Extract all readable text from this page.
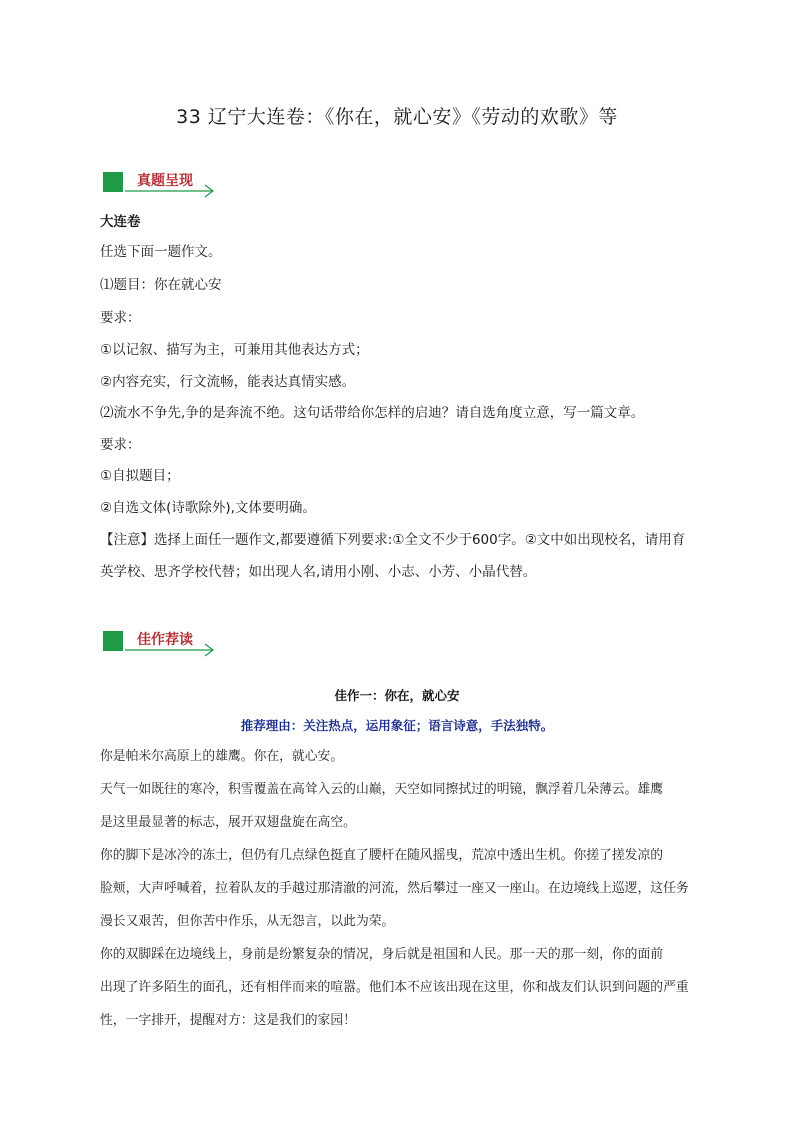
33 辽宁大连卷：《你在，就心安》《劳动的欢歌》等
真题呈现
大连卷
任选下面一题作文。
⑴题目：你在就心安
要求：
①以记叙、描写为主，可兼用其他表达方式；
②内容充实，行文流畅，能表达真情实感。
⑵流水不争先,争的是奔流不绝。这句话带给你怎样的启迪？请自选角度立意，写一篇文章。
要求：
①自拟题目；
②自选文体(诗歌除外),文体要明确。
【注意】选择上面任一题作文,都要遵循下列要求:①全文不少于600字。②文中如出现校名，请用育
英学校、思齐学校代替；如出现人名,请用小刚、小志、小芳、小晶代替。
佳作荐读
佳作一：你在，就心安
推荐理由：关注热点，运用象征；语言诗意，手法独特。
你是帕米尔高原上的雄鹰。你在，就心安。
天气一如既往的寒冷，积雪覆盖在高耸入云的山巅，天空如同擦拭过的明镜，飘浮着几朵薄云。雄鹰
是这里最显著的标志，展开双翅盘旋在高空。
你的脚下是冰冷的冻土，但仍有几点绿色挺直了腰杆在随风摇曳，荒凉中透出生机。你搓了搓发凉的
脸颊，大声呼喊着，拉着队友的手越过那清澈的河流，然后攀过一座又一座山。在边境线上巡逻，这任务
漫长又艰苦，但你苦中作乐，从无怨言，以此为荣。
你的双脚踩在边境线上，身前是纷繁复杂的情况，身后就是祖国和人民。那一天的那一刻，你的面前
出现了许多陌生的面孔，还有相伴而来的喧嚣。他们本不应该出现在这里，你和战友们认识到问题的严重
性，一字排开，提醒对方：这是我们的家园！
